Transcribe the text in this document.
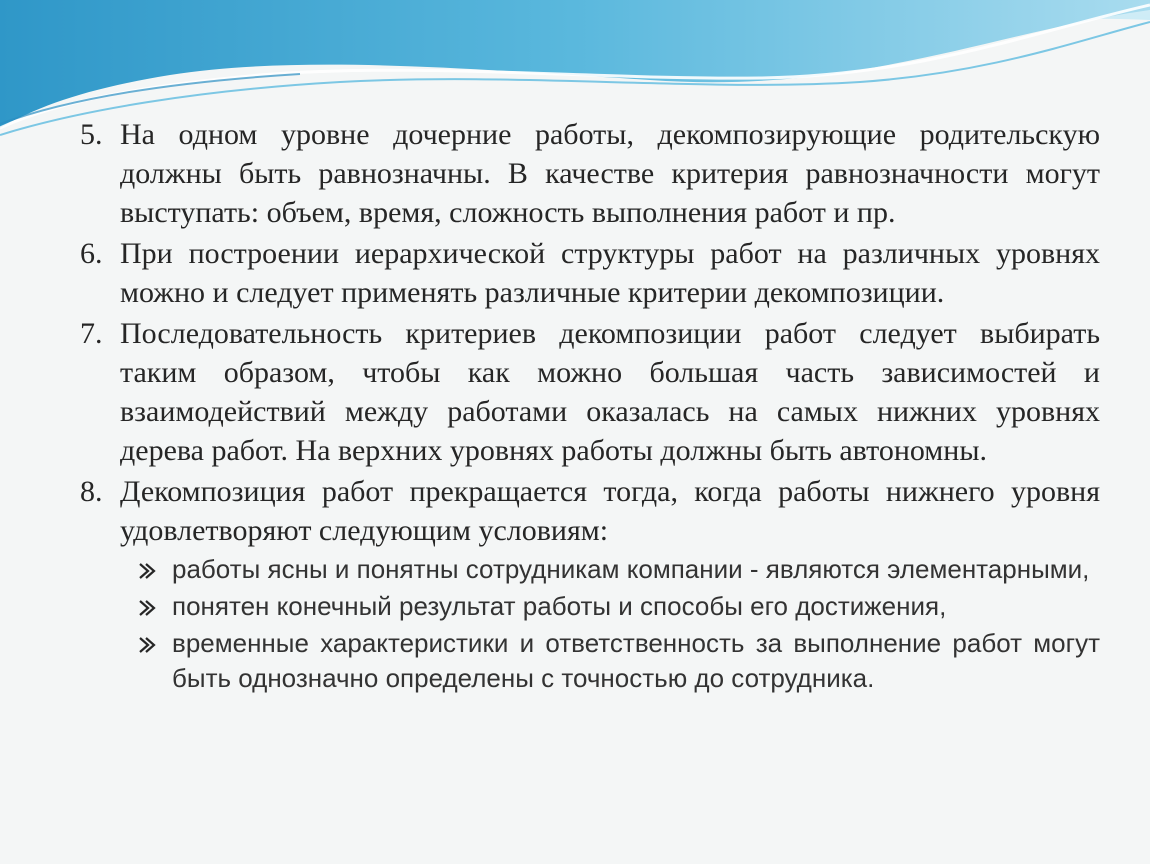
5. На одном уровне дочерние работы, декомпозирующие родительскую должны быть равнозначны. В качестве критерия равнозначности могут выступать: объем, время, сложность выполнения работ и пр.
6. При построении иерархической структуры работ на различных уровнях можно и следует применять различные критерии декомпозиции.
7. Последовательность критериев декомпозиции работ следует выбирать таким образом, чтобы как можно большая часть зависимостей и взаимодействий между работами оказалась на самых нижних уровнях дерева работ. На верхних уровнях работы должны быть автономны.
8. Декомпозиция работ прекращается тогда, когда работы нижнего уровня удовлетворяют следующим условиям:
работы ясны и понятны сотрудникам компании - являются элементарными,
понятен конечный результат работы и способы его достижения,
временные характеристики и ответственность за выполнение работ могут быть однозначно определены с точностью до сотрудника.
